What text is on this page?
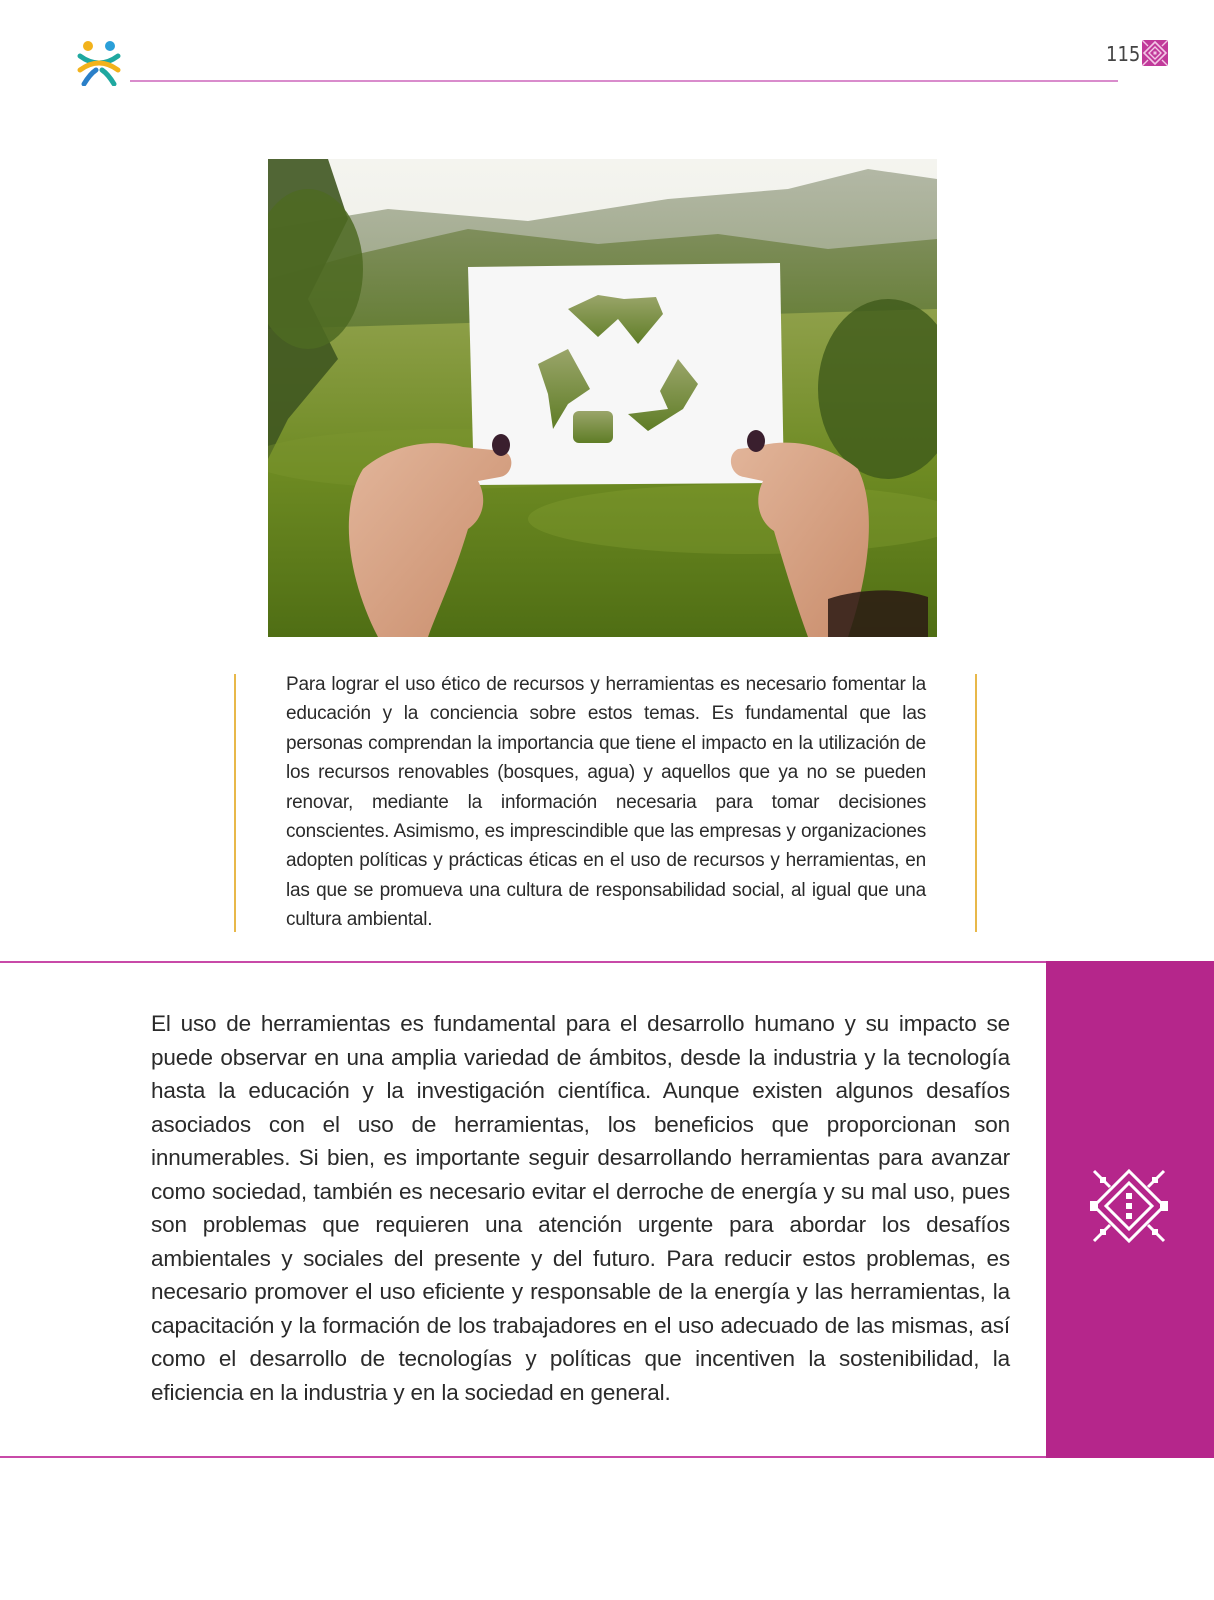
115

Para lograr el uso ético de recursos y herramientas es necesario fomentar la educación y la conciencia sobre estos temas. Es fundamental que las personas comprendan la importancia que tiene el impacto en la utilización de los recursos renovables (bosques, agua) y aquellos que ya no se pueden renovar, mediante la información necesaria para tomar decisiones conscientes. Asimismo, es imprescindible que las empresas y organizaciones adopten políticas y prácticas éticas en el uso de recursos y herramientas, en las que se promueva una cultura de responsabilidad social, al igual que una cultura ambiental.

El uso de herramientas es fundamental para el desarrollo humano y su impacto se puede observar en una amplia variedad de ámbitos, desde la industria y la tecnología hasta la educación y la investigación científica. Aunque existen algunos desafíos asociados con el uso de herramientas, los beneficios que proporcionan son innumerables. Si bien, es importante seguir desarrollando herramientas para avanzar como sociedad, también es necesario evitar el derroche de energía y su mal uso, pues son problemas que requieren una atención urgente para abordar los desafíos ambientales y sociales del presente y del futuro. Para reducir estos problemas, es necesario promover el uso eficiente y responsable de la energía y las herramientas, la capacitación y la formación de los trabajadores en el uso adecuado de las mismas, así como el desarrollo de tecnologías y políticas que incentiven la sostenibilidad, la eficiencia en la industria y en la sociedad en general.
